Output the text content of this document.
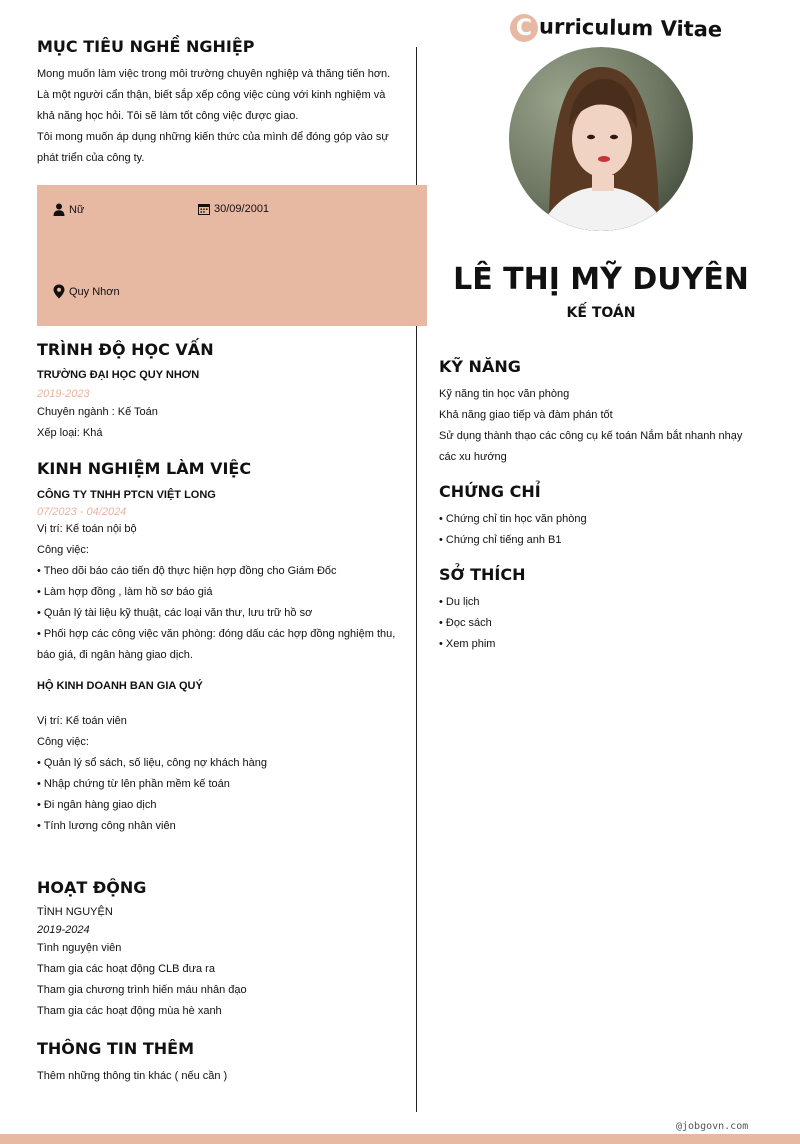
C urriculum Vitae
LÊ THỊ MỸ DUYÊN
KẾ TOÁN
MỤC TIÊU NGHỀ NGHIỆP

Mong muốn làm việc trong môi trường chuyên nghiệp và thăng tiến hơn.

Là một người cẩn thận, biết sắp xếp công việc cùng với kinh nghiệm và

khả năng học hỏi. Tôi sẽ làm tốt công việc được giao.

Tôi mong muốn áp dụng những kiến thức của mình để đóng góp vào sự

phát triển của công ty.

Nữ	30/09/2001
Quy Nhơn
TRÌNH ĐỘ HỌC VẤN
TRƯỜNG ĐẠI HỌC QUY NHƠN
2019-2023
Chuyên ngành : Kế Toán
Xếp loại: Khá
KINH NGHIỆM LÀM VIỆC
CÔNG TY TNHH PTCN VIỆT LONG
07/2023 - 04/2024
Vị trí: Kế toán nội bộ
Công việc:
• Theo dõi báo cáo tiến độ thực hiện hợp đồng cho Giám Đốc
• Làm hợp đồng , làm hồ sơ báo giá
• Quản lý tài liệu kỹ thuật, các loại văn thư, lưu trữ hồ sơ
• Phối hợp các công việc văn phòng: đóng dấu các hợp đồng nghiệm thu,
báo giá, đi ngân hàng giao dịch.
HỘ KINH DOANH BAN GIA QUÝ
Vị trí: Kế toán viên
Công việc:
• Quản lý sổ sách, số liệu, công nợ khách hàng
• Nhập chứng từ lên phần mềm kế toán
• Đi ngân hàng giao dịch
• Tính lương công nhân viên
HOẠT ĐỘNG
TÌNH NGUYỆN
2019-2024
Tình nguyện viên
Tham gia các hoạt động CLB đưa ra
Tham gia chương trình hiến máu nhân đạo
Tham gia các hoạt động mùa hè xanh
THÔNG TIN THÊM
Thêm những thông tin khác ( nếu cần )
KỸ NĂNG
Kỹ năng tin học văn phòng
Khả năng giao tiếp và đàm phán tốt
Sử dụng thành thạo các công cụ kế toán Nắm bắt nhanh nhạy
các xu hướng
CHỨNG CHỈ
• Chứng chỉ tin học văn phòng
• Chứng chỉ tiếng anh B1
SỞ THÍCH
• Du lịch
• Đọc sách
• Xem phim
@jobgovn.com
